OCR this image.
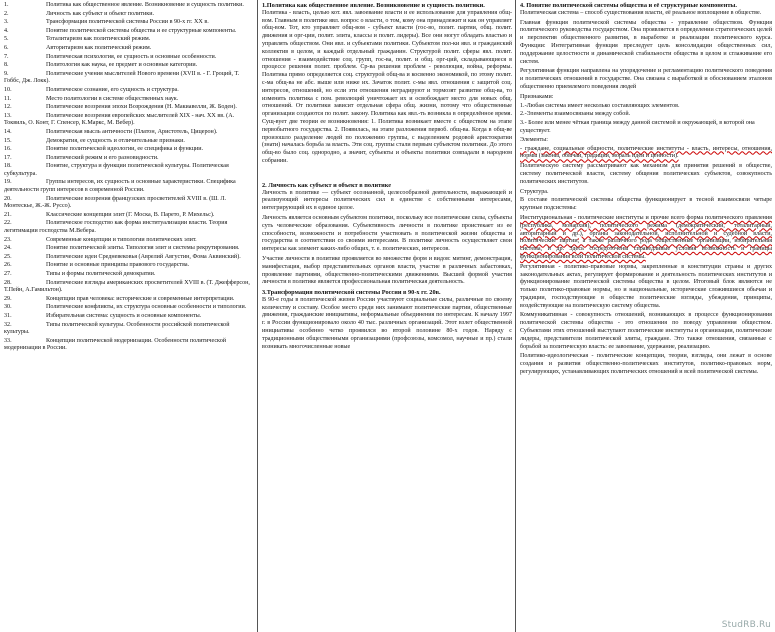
1.	Политика как общественное явление. Возникновение и сущность политики.

2.	Личность как субъект и объект политики.

3.	Трансформация политической системы России в 90-х гг. XX в.

4.	Понятие политической системы общества и ее структурные компоненты.

5.	Тоталитаризм как политический режим.

6.	Авторитаризм как политический режим.

7.	Политическая психология, ее сущность и основные особенности.

8.	Политология как наука, ее предмет и основные категории.

9.	Политические учения мыслителей Нового времени (XVII в. - Г. Гроций, Т. Гоббс, Дж. Локк).

10.	Политическое сознание, его сущность и структура.

11.	Место политологии в системе общественных наук.

12.	Политические воззрения эпохи Возрождения (Н. Макиавелли, Ж. Боден).

13.	Политические воззрения европейских мыслителей XIX - нач. XX вв. (А. Токвиль, О. Конт, Г. Спенсер, К.Маркс, М. Вебер).

14.	Политическая мысль античности (Платон, Аристотель, Цицерон).

15.	Демократия, ее сущность и отличительные признаки.

16.	Понятие политической идеологии, ее специфика и функции.

17.	Политический режим и его разновидности.

18.	Понятие, структура и функции политической культуры. Политическая субкультура.

19.	Группы интересов, их сущность и основные характеристики. Специфика деятельности групп интересов в современной России.

20.	Политические воззрения французских просветителей XVIII в. (Ш. Л. Монтескье, Ж.-Ж. Руссо).

21.	Классические концепции элит (Г. Моска, В. Парето, Р. Михельс).

22.	Политическое господство как форма институализации власти. Теория легитимации господства М.Вебера.

23.	Современные концепции и типологии политических элит.

24.	Понятие политической элиты. Типология элит и системы рекрутирования.

25.	Политические идеи Средневековья (Аврелий Августин, Фома Аквинский).

26.	Понятие и основные принципы правового государства.

27.	Типы и формы политической демократии.

28.	Политические взгляды американских просветителей XVIII в. (Т. Джефферсон, Т.Пейн, А.Гамильтон).

29.	Концепции прав человека: исторические и современные интерпретации.

30.	Политические конфликты, их структура основные особенности и типологии.

31.	Избирательная система: сущность и основные компоненты.

32.	Типы политической культуры. Особенности российской политической культуры.

33.	Концепции политической модернизации. Особенности политической модернизации в России.

1.Политика как общественное явление. Возникновение и сущность политики.

Политика - власть, целью кот. явл. завоевание власти и ее использование для управления общ-вом. Главным в политике явл. вопрос о власти, о том, кому она принадлежит и как он управляет общ-вом. Тот, кто управляет общ-вом - субъект власти (гос-во, полит. партии, общ. полит. движения и орг-ции, полит. элита, классы и полит. лидеры). Все они могут обладать властью и управлять обществом. Они явл. и субъектами политики. Субъектом пол-ки явл. и гражданский коллектив в целом, и каждый отдельный гражданин. Структурой полит. сферы явл. полит. отношения - взаимодействие соц. групп, гос-ва, полит. и общ. орг-ций, складывающиеся в процессе решения полит. проблем. Ср-ва решения проблем - революция, война, реформы. Политика прямо определяется соц. структурой общ-ва и косвенно экономикой, по этому полит. с-ма общ-ва не абс. выше или ниже их. Зачаток полит. с-мы явл. отношения с защитой соц. интересов, отношений, но если эти отношения неградируют и тормозят развитие общ-ва, то изменить политика с пом. революций уничтожает их и освобождает место для новых общ. отношений. От политики зависит отдельная сфера общ. жизни, потому что общественные организации создаются по полит. закону. Политика как явл.-ть возникла в определённое время. Сущ-вует две теории ее возникновения: 1. Политика возникает вместе с обществом на этапе первобытного государства. 2. Появилась, на этапе разложения первоб. общ-ва. Когда в общ-ве произошло разделение людей по положению группы, с выделением родовой аристократии (знати) началась борьба за власть. Эти соц. группы стали первым субъектом политики. До этого общ-во было соц. однородно, а значит, субъекты и объекты политики совпадали в народном собрании.

2. Личность как субъект и объект в политике

Личность в политике — субъект осознанной, целесообразной деятельности, выражающей и реализующий интересы политических сил в единстве с собственными интересами, интегрирующий их в единое целое.

Личность является основным субъектом политики, поскольку все политические силы, субъекты суть человеческие образования. Субъективность личности в политике проистекает из ее способности, возможности и потребности участвовать в политической жизни общества и государства в соответствии со своими интересами. В политике личность осуществляет свои интересы как элемент каких-либо общих, т. е. политических, интересов.

Участие личности в политике проявляется во множестве форм и видов: митинг, демонстрация, манифестация, выбор представительных органов власти, участие в различных забастовках, проявление партиями, общественно-политическими движениями. Высшей формой участия личности в политике является профессиональная политическая деятельность.

3.Трансформация политической системы России в 90-х гг. 20в.

В 90-е годы в политической жизни России участвуют социальные силы, различные по своему количеству и составу. Особое место среди них занимают политические партии, общественные движения, гражданские инициативы, неформальные объединения по интересам. К началу 1997 г. в России функционировало около 40 тыс. различных организаций. Этот взлет общественной инициативы особенно четко проявился во второй половине 80-х годов. Наряду с традиционными общественными организациями (профсоюзы, комсомол, научные и пр.) стали возникать многочисленные новые

4. Понятие политической системы общества и её структурные компоненты.

Политическая система – способ существования власти, её реальное воплощение в обществе.

Главная функция политической системы общества - управление обществом. Функция политического руководства государством. Она проявляется в определении стратегических целей и перспектив общественного развития, в выработке и реализации политического курса. Функции: Интегративная функция преследует цель консолидации общественных сил, поддержание целостности и динамической стабильности общества в целом и сглаживание его систем.

Регулятивная функция направлена на упорядочение и регламентацию политического поведения и политических отношений в государстве. Она связана с выработкой и обоснованием эталонов общественно приемлемого поведения людей

Признаками:

1.-Любая система имеет несколько составляющих элементов.

2.-Элементы взаимосвязаны между собой.

3.- Более или менее чёткая граница между данной системой и окружающей, в которой она существует.

Элементы:

- граждане, социальные общности, политические институты - власть, интересы, отношения, нормы (законы, обычаи, традиции, мораль идеи и ценности).

Политическую систему рассматривают как механизм для принятия решений в обществе, систему политической власти, систему общения политических субъектов, совокупность политических институтов.

Структура.

В составе политической системы общества функционирует в тесной взаимосвязи четыре крупные подсистемы:

Институциональная - политические институты и прочие всего форма политического правления (республика, монархия), политического режима (демократический, тоталитарный, авторитарный и др.), органы законодательной, исполнительной и судебной власти, политические партии, а также различного рода общественные организации, избирательная система, и др. Здесь сосредоточены справедливые условия возможность и границы функционирования всей политической системы.

Регулятивная - политико-правовые нормы, закрепленные в конституции страны и других законодательных актах, регулирует формирование и деятельность политических институтов и функционирование политической системы общества в целом. Итоговый блок являются не только политико-правовые нормы, но и национальные, исторические сложившиеся обычаи и традиции, господствующие в обществе политические взгляды, убеждения, принципы, воздействующие на политическую систему общества.

Коммуникативная - совокупность отношений, возникающих в процессе функционирования политической системы общества - это отношения по поводу управления обществом. Субъектами этих отношений выступают политические институты и организации, политические лидеры, представители политической элиты, граждане. Это также отношения, связанные с борьбой за политическую власть: ее завоевание, удержание, реализацию.

Политико-идеологическая - политические концепции, теории, взгляды, они лежат в основе создания и развития общественно-политических институтов, политико-правовых норм, регулирующих, устанавливающих политических отношений и всей политической системы.

StudRB.Ru
